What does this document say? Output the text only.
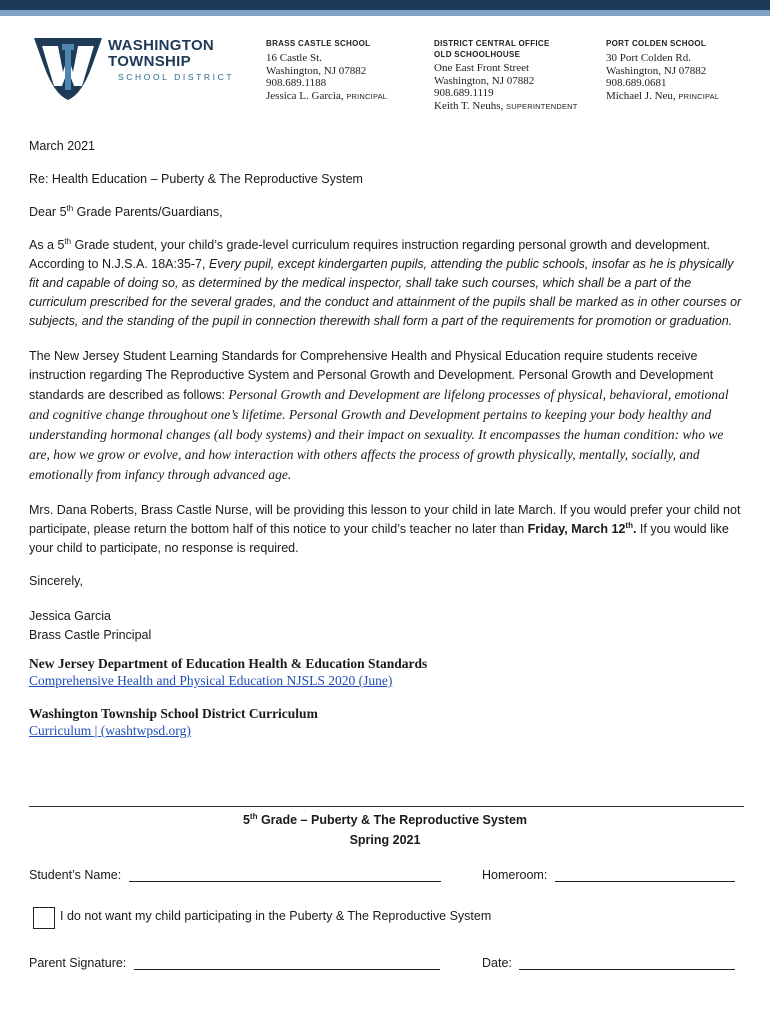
WASHINGTON
TOWNSHIP
SCHOOL DISTRICT
BRASS CASTLE SCHOOL
16 Castle St.
Washington, NJ 07882
908.689.1188
Jessica L. Garcia, PRINCIPAL
DISTRICT CENTRAL OFFICE
OLD SCHOOLHOUSE
One East Front Street
Washington, NJ 07882
908.689.1119
Keith T. Neuhs, SUPERINTENDENT
PORT COLDEN SCHOOL
30 Port Colden Rd.
Washington, NJ 07882
908.689.0681
Michael J. Neu, PRINCIPAL
March 2021
Re: Health Education – Puberty & The Reproductive System
Dear 5th Grade Parents/Guardians,
As a 5th Grade student, your child’s grade-level curriculum requires instruction regarding personal growth and development. According to N.J.S.A. 18A:35-7, Every pupil, except kindergarten pupils, attending the public schools, insofar as he is physically fit and capable of doing so, as determined by the medical inspector, shall take such courses, which shall be a part of the curriculum prescribed for the several grades, and the conduct and attainment of the pupils shall be marked as in other courses or subjects, and the standing of the pupil in connection therewith shall form a part of the requirements for promotion or graduation.
The New Jersey Student Learning Standards for Comprehensive Health and Physical Education require students receive instruction regarding The Reproductive System and Personal Growth and Development. Personal Growth and Development standards are described as follows: Personal Growth and Development are lifelong processes of physical, behavioral, emotional and cognitive change throughout one’s lifetime. Personal Growth and Development pertains to keeping your body healthy and understanding hormonal changes (all body systems) and their impact on sexuality. It encompasses the human condition: who we are, how we grow or evolve, and how interaction with others affects the process of growth physically, mentally, socially, and emotionally from infancy through advanced age.
Mrs. Dana Roberts, Brass Castle Nurse, will be providing this lesson to your child in late March. If you would prefer your child not participate, please return the bottom half of this notice to your child’s teacher no later than Friday, March 12th. If you would like your child to participate, no response is required.
Sincerely,
Jessica Garcia
Brass Castle Principal
New Jersey Department of Education Health & Education Standards
Comprehensive Health and Physical Education NJSLS 2020 (June)
Washington Township School District Curriculum
Curriculum | (washtwpsd.org)
5th Grade – Puberty & The Reproductive System
Spring 2021
Student’s Name:	Homeroom:
I do not want my child participating in the Puberty & The Reproductive System
Parent Signature:	Date:
